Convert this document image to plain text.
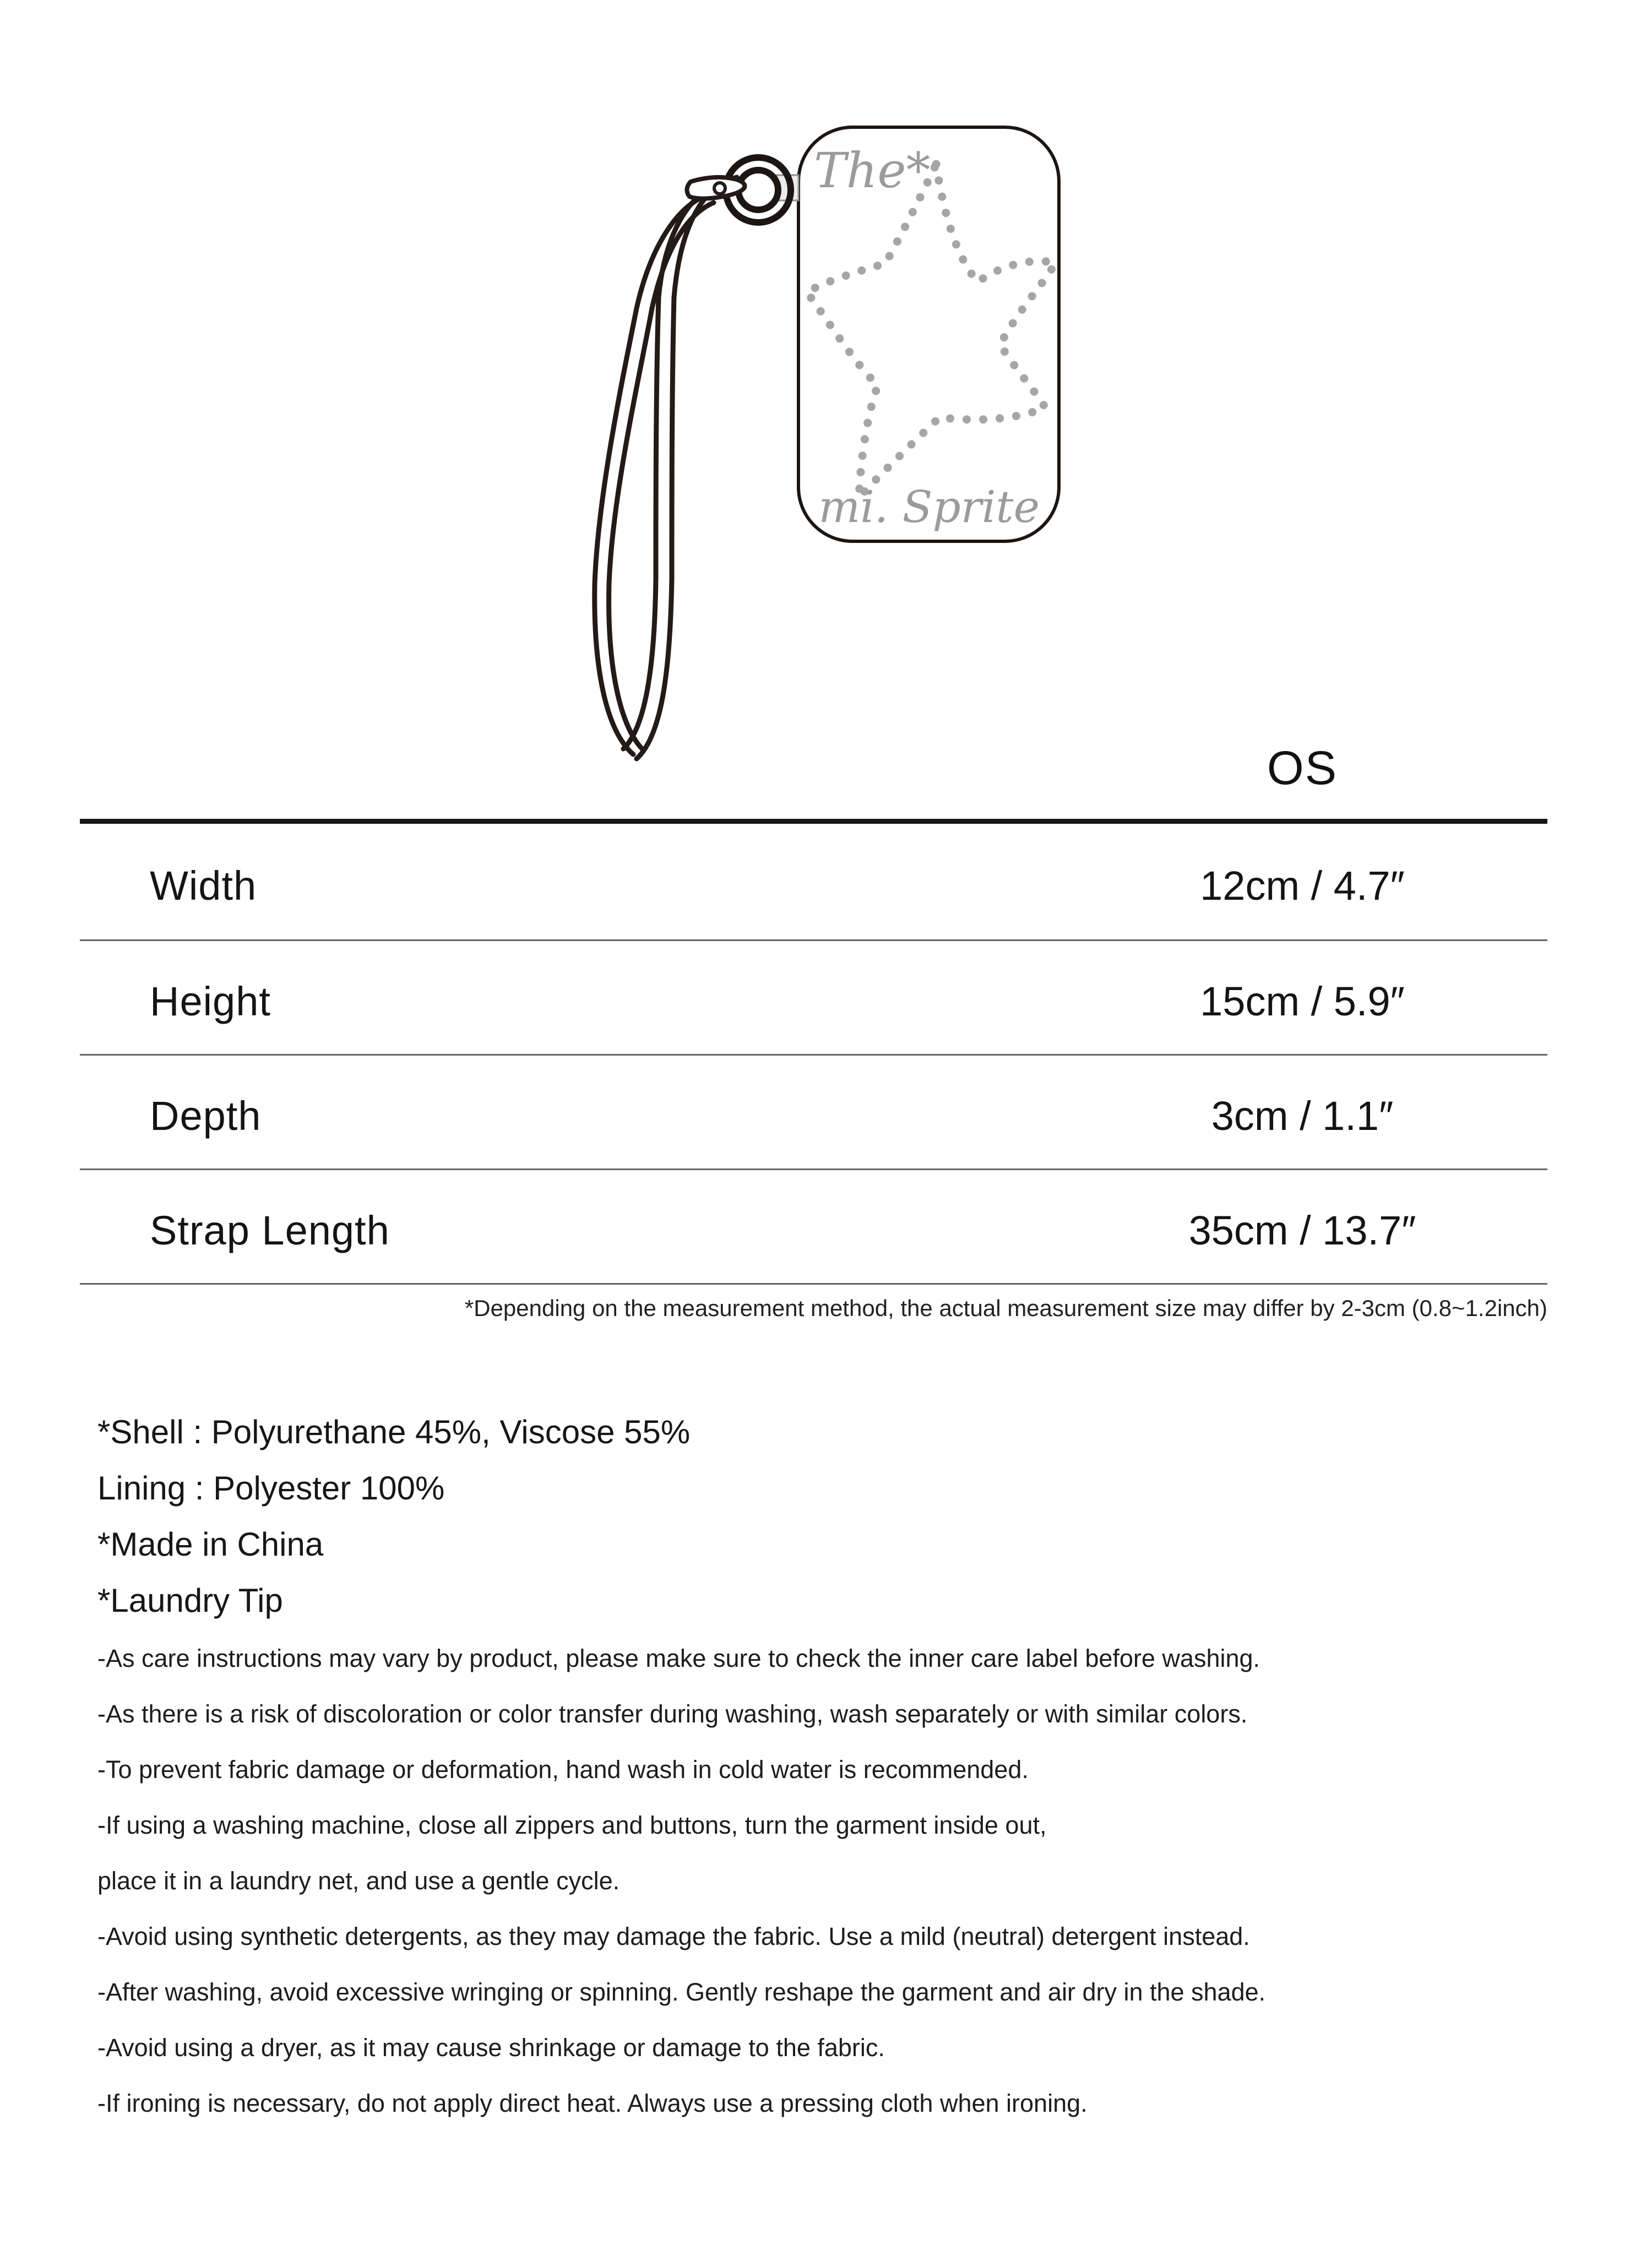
The*
mi. Sprite
OS
Width	12cm / 4.7″
Height	15cm / 5.9″
Depth	3cm / 1.1″
Strap Length	35cm / 13.7″
*Depending on the measurement method, the actual measurement size may differ by 2-3cm (0.8~1.2inch)
*Shell : Polyurethane 45%, Viscose 55%
Lining : Polyester 100%
*Made in China
*Laundry Tip
-As care instructions may vary by product, please make sure to check the inner care label before washing.
-As there is a risk of discoloration or color transfer during washing, wash separately or with similar colors.
-To prevent fabric damage or deformation, hand wash in cold water is recommended.
-If using a washing machine, close all zippers and buttons, turn the garment inside out,
place it in a laundry net, and use a gentle cycle.
-Avoid using synthetic detergents, as they may damage the fabric. Use a mild (neutral) detergent instead.
-After washing, avoid excessive wringing or spinning. Gently reshape the garment and air dry in the shade.
-Avoid using a dryer, as it may cause shrinkage or damage to the fabric.
-If ironing is necessary, do not apply direct heat. Always use a pressing cloth when ironing.
